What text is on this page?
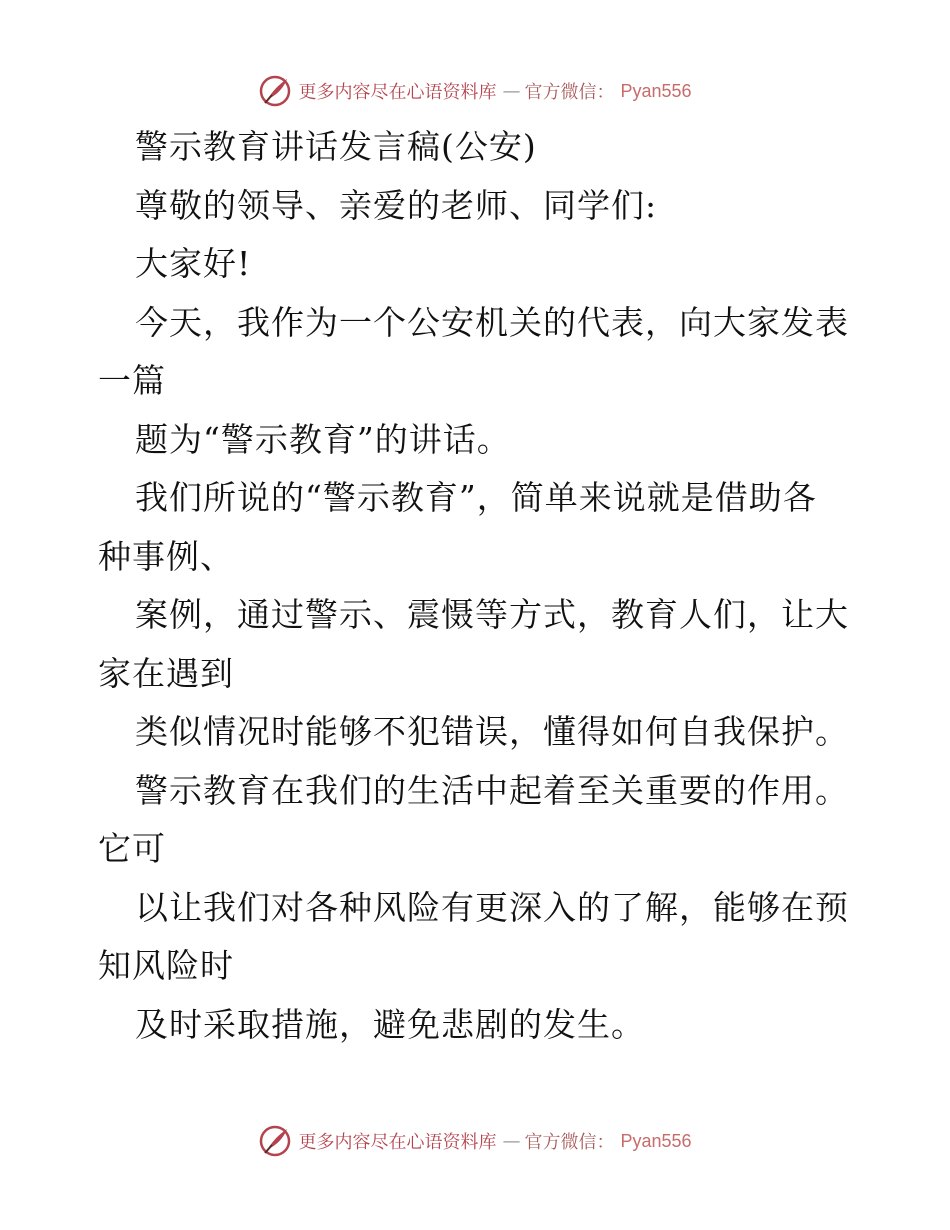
更多内容尽在心语资料库 — 官方微信： Pyan556
警示教育讲话发言稿(公安)
尊敬的领导、亲爱的老师、同学们:
大家好!
今天，我作为一个公安机关的代表，向大家发表
一篇
题为“警示教育”的讲话。
我们所说的“警示教育”，简单来说就是借助各
种事例、
案例，通过警示、震慑等方式，教育人们，让大
家在遇到
类似情况时能够不犯错误，懂得如何自我保护。
警示教育在我们的生活中起着至关重要的作用。
它可
以让我们对各种风险有更深入的了解，能够在预
知风险时
及时采取措施，避免悲剧的发生。
更多内容尽在心语资料库 — 官方微信： Pyan556
